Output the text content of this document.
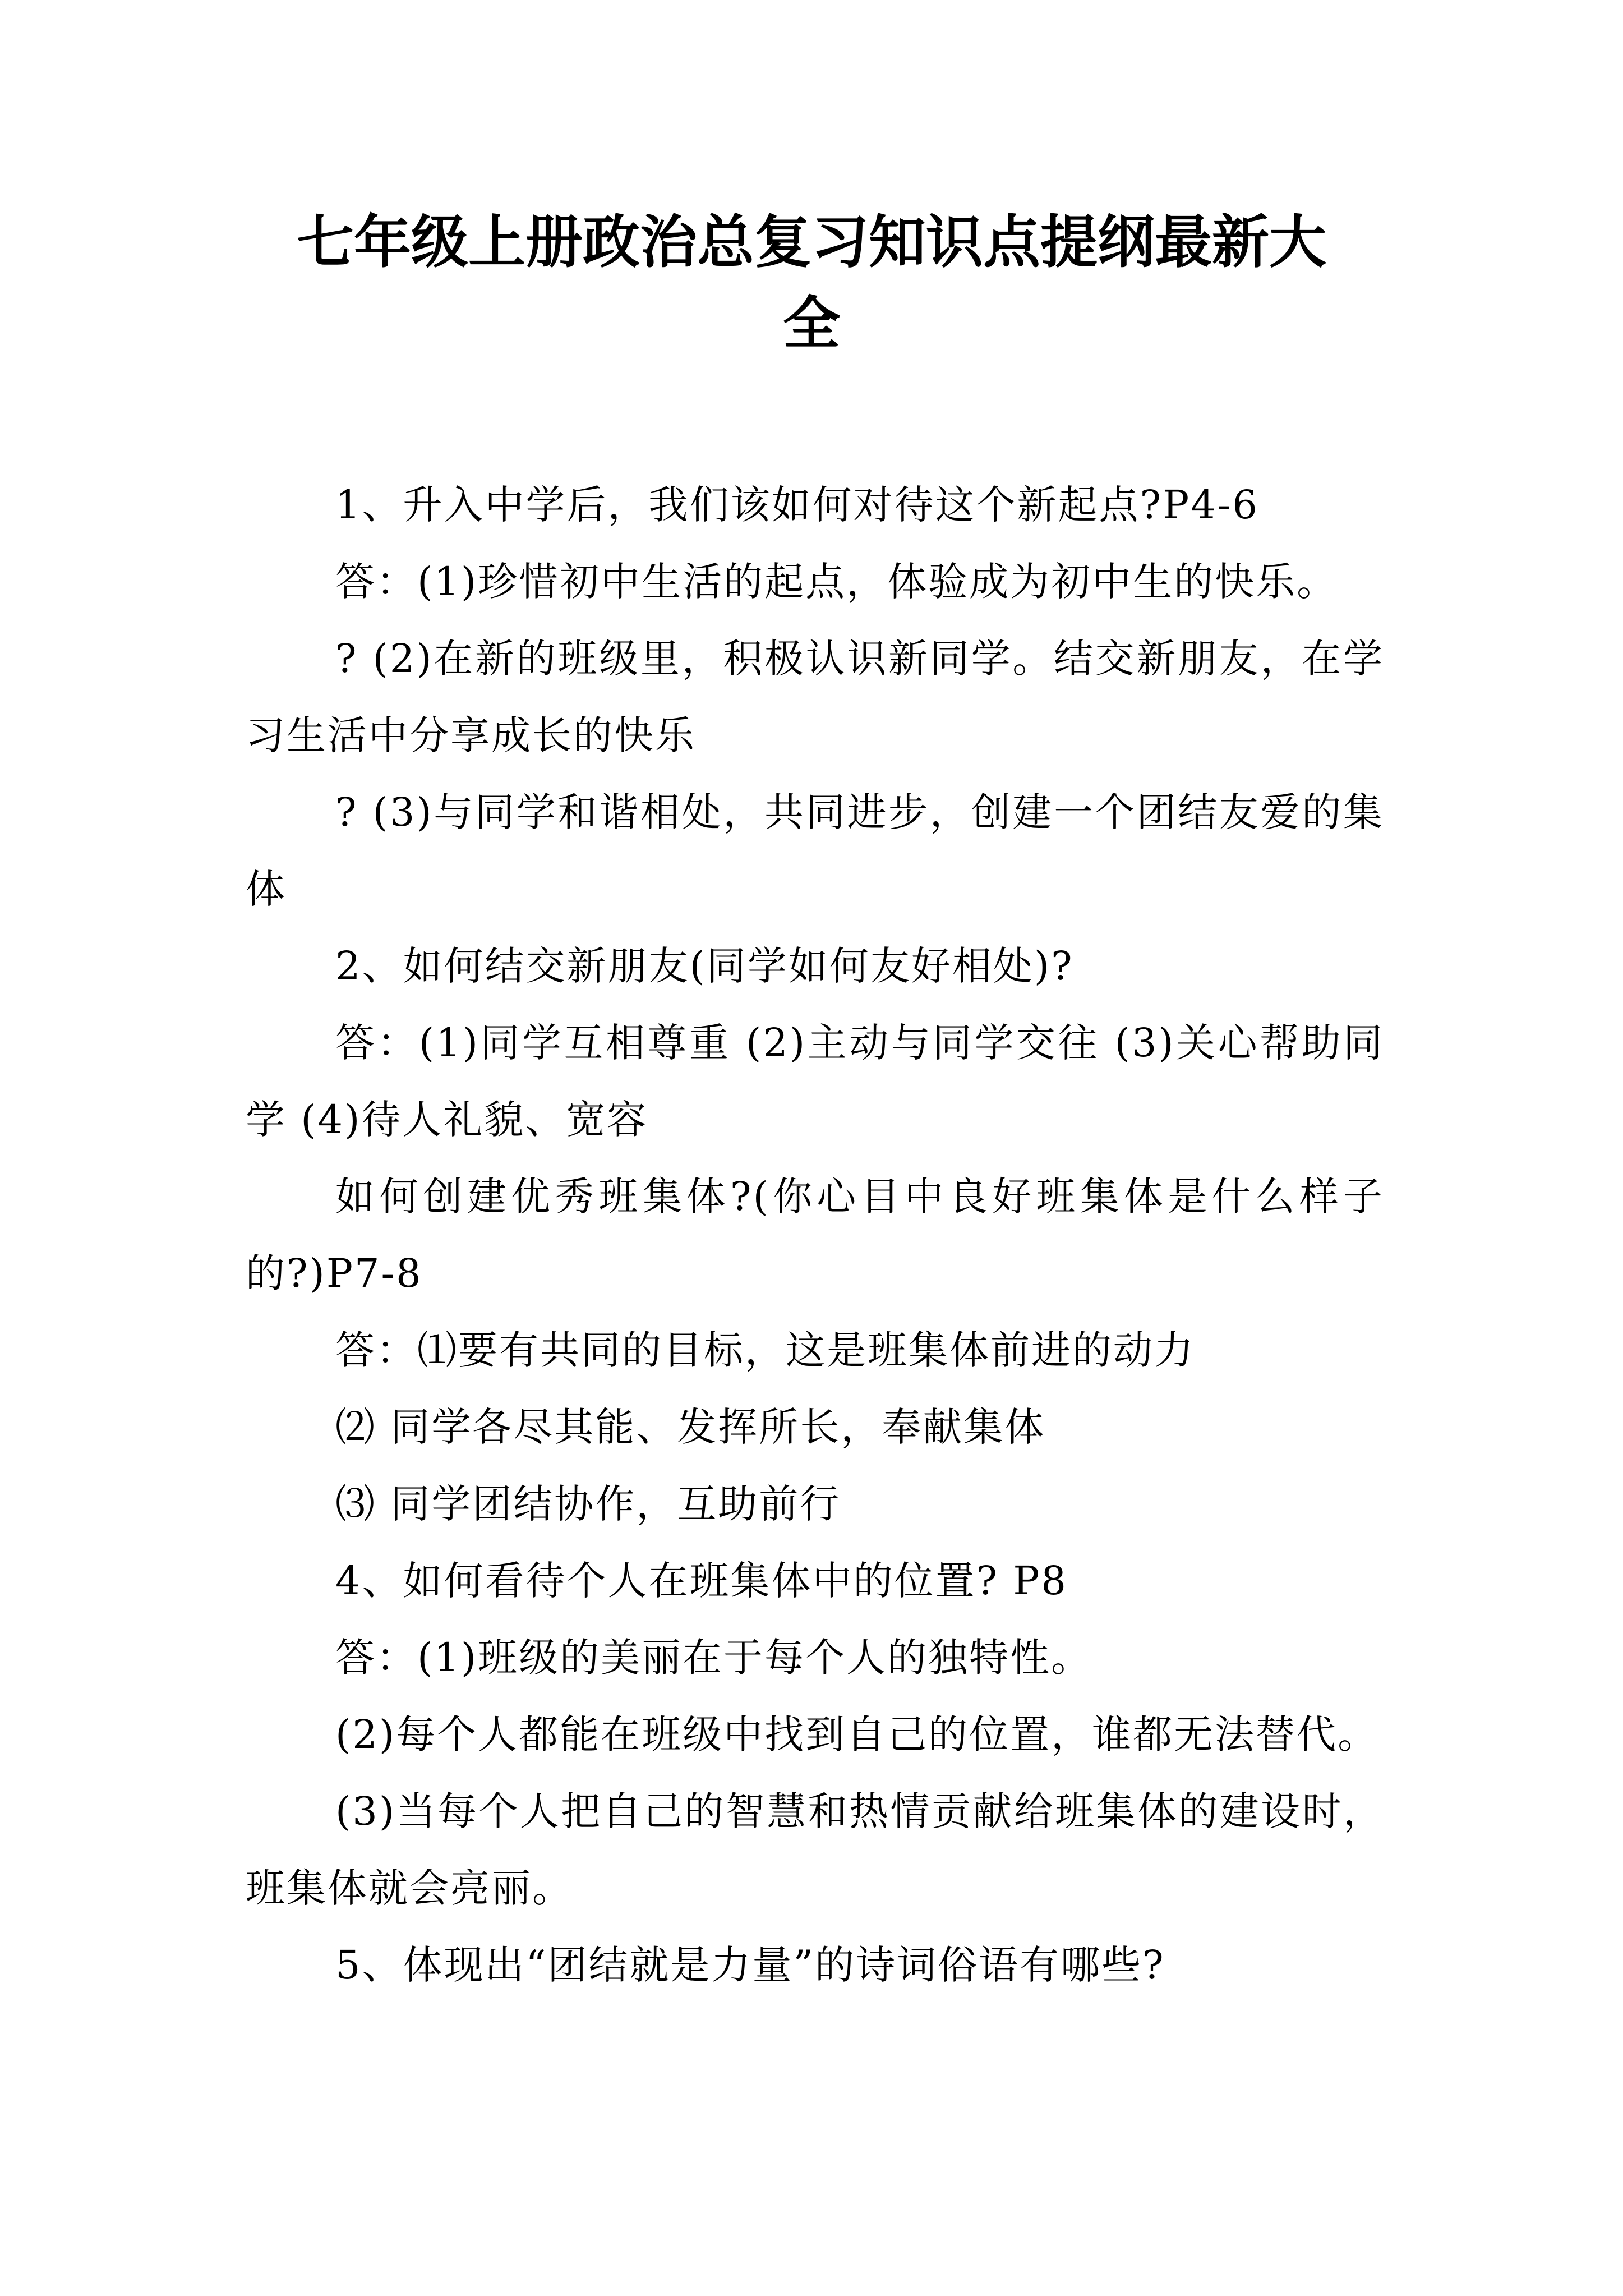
七年级上册政治总复习知识点提纲最新大
全

1、升入中学后，我们该如何对待这个新起点?P4-6

答：(1)珍惜初中生活的起点，体验成为初中生的快乐。

? (2)在新的班级里，积极认识新同学。结交新朋友，在学习生活中分享成长的快乐

? (3)与同学和谐相处，共同进步，创建一个团结友爱的集体

2、如何结交新朋友(同学如何友好相处)?

答：(1)同学互相尊重 (2)主动与同学交往 (3)关心帮助同学 (4)待人礼貌、宽容

如何创建优秀班集体?(你心目中良好班集体是什么样子的?)P7-8

答：⑴要有共同的目标，这是班集体前进的动力

⑵ 同学各尽其能、发挥所长，奉献集体

⑶ 同学团结协作，互助前行

4、如何看待个人在班集体中的位置? P8

答：(1)班级的美丽在于每个人的独特性。

(2)每个人都能在班级中找到自己的位置，谁都无法替代。

(3)当每个人把自己的智慧和热情贡献给班集体的建设时，班集体就会亮丽。

5、体现出“团结就是力量”的诗词俗语有哪些?
